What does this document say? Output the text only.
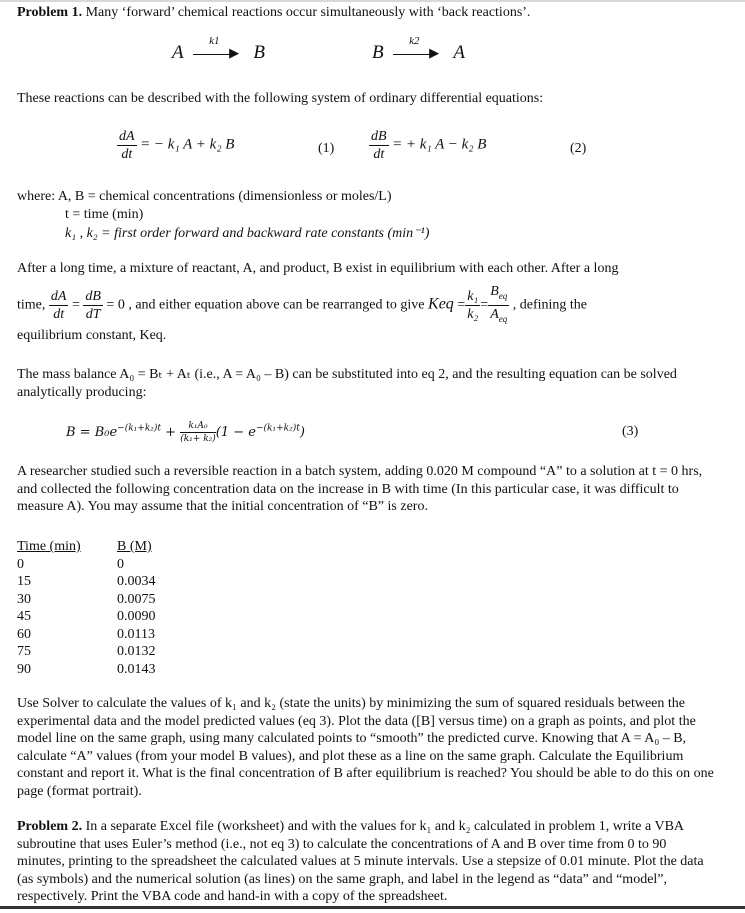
Problem 1. Many ‘forward’ chemical reactions occur simultaneously with ‘back reactions’.
A	▶
k1
B	B	▶
k2
A
These reactions can be described with the following system of ordinary differential equations:
$\frac{dA}{dt}$ = − k₁ A + k₂ B	$(1) \frac{dB}{dt}$ = + k₁ A − k₂ B	(2)
where: A, B = chemical concentrations (dimensionless or moles/L)
t = time (min)
k₁ , k₂ = first order forward and backward rate constants (min⁻¹)
After a long time, a mixture of reactant, A, and product, B exist in equilibrium with each other. After a long
time, $\frac{dA}{dt} = \frac{dB}{dT} = 0$ , and either equation above can be rearranged to give Keq = $\frac{\text{k₁}}{\text{k₂}} = \frac{B_{eq}}{A_{eq}}$ , defining the
equilibrium constant, Keq.
The mass balance A₀ = Bₜ + Aₜ (i.e., A = A₀ – B) can be substituted into eq 2, and the resulting equation can be solved analytically producing:
$B = B_0e^{-(k_1+k_2)t} + \frac{\text{k₁A₀}}{\text{(k₁+ k₂)}} (1 - e^{-(k_1+k_2)t})$	(3)
A researcher studied such a reversible reaction in a batch system, adding 0.020 M compound “A” to a solution at t = 0 hrs, and collected the following concentration data on the increase in B with time (In this particular case, it was difficult to measure A). You may assume that the initial concentration of “B” is zero.
Time (min)	B (M)
0	0
15	0.0034
30	0.0075
45	0.0090
60	0.0113
75	0.0132
90	0.0143
Use Solver to calculate the values of k₁ and k₂ (state the units) by minimizing the sum of squared residuals between the experimental data and the model predicted values (eq 3). Plot the data ([B] versus time) on a graph as points, and plot the model line on the same graph, using many calculated points to “smooth” the predicted curve. Knowing that A = A₀ – B, calculate “A” values (from your model B values), and plot these as a line on the same graph. Calculate the Equilibrium constant and report it. What is the final concentration of B after equilibrium is reached? You should be able to do this on one page (format portrait).
Problem 2. In a separate Excel file (worksheet) and with the values for k₁ and k₂ calculated in problem 1, write a VBA subroutine that uses Euler’s method (i.e., not eq 3) to calculate the concentrations of A and B over time from 0 to 90 minutes, printing to the spreadsheet the calculated values at 5 minute intervals. Use a stepsize of 0.01 minute. Plot the data (as symbols) and the numerical solution (as lines) on the same graph, and label in the legend as “data” and “model”, respectively. Print the VBA code and hand-in with a copy of the spreadsheet.
